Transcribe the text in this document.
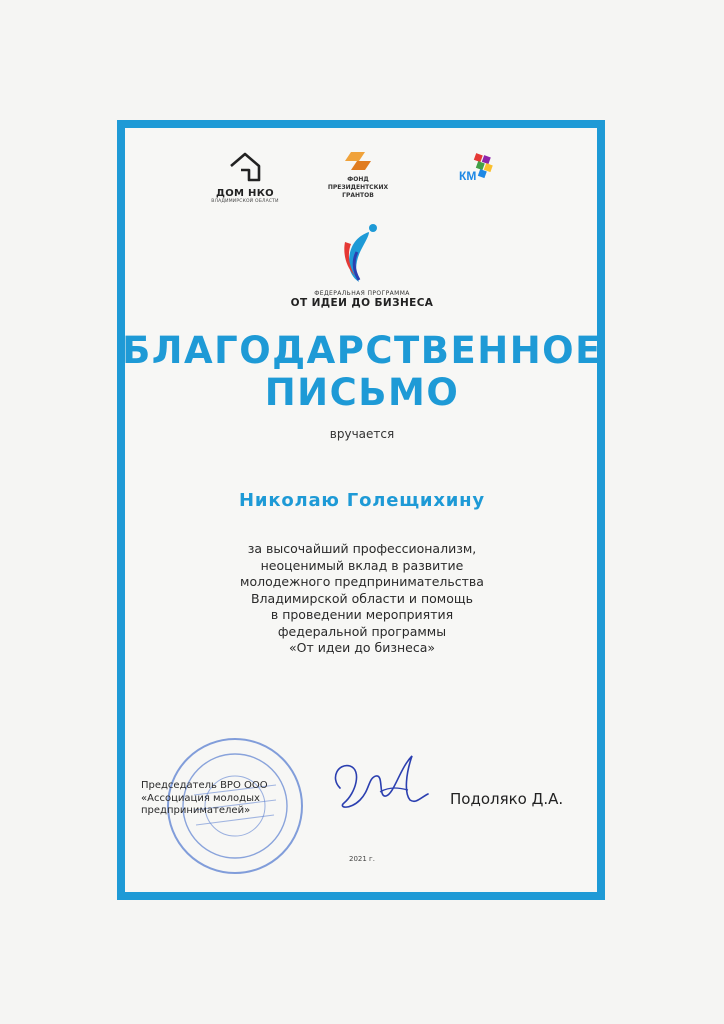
ДОМ НКО
ВЛАДИМИРСКОЙ ОБЛАСТИ
ФОНД
ПРЕЗИДЕНТСКИХ
ГРАНТОВ
КМ
ФЕДЕРАЛЬНАЯ ПРОГРАММА
ОТ ИДЕИ ДО БИЗНЕСА
БЛАГОДАРСТВЕННОЕ
ПИСЬМО
вручается
Николаю Голещихину
за высочайший профессионализм,
неоценимый вклад в развитие
молодежного предпринимательства
Владимирской области и помощь
в проведении мероприятия
федеральной программы
«От идеи до бизнеса»
Председатель ВРО ООО
«Ассоциация молодых
предпринимателей»
Подоляко Д.А.
2021 г.
